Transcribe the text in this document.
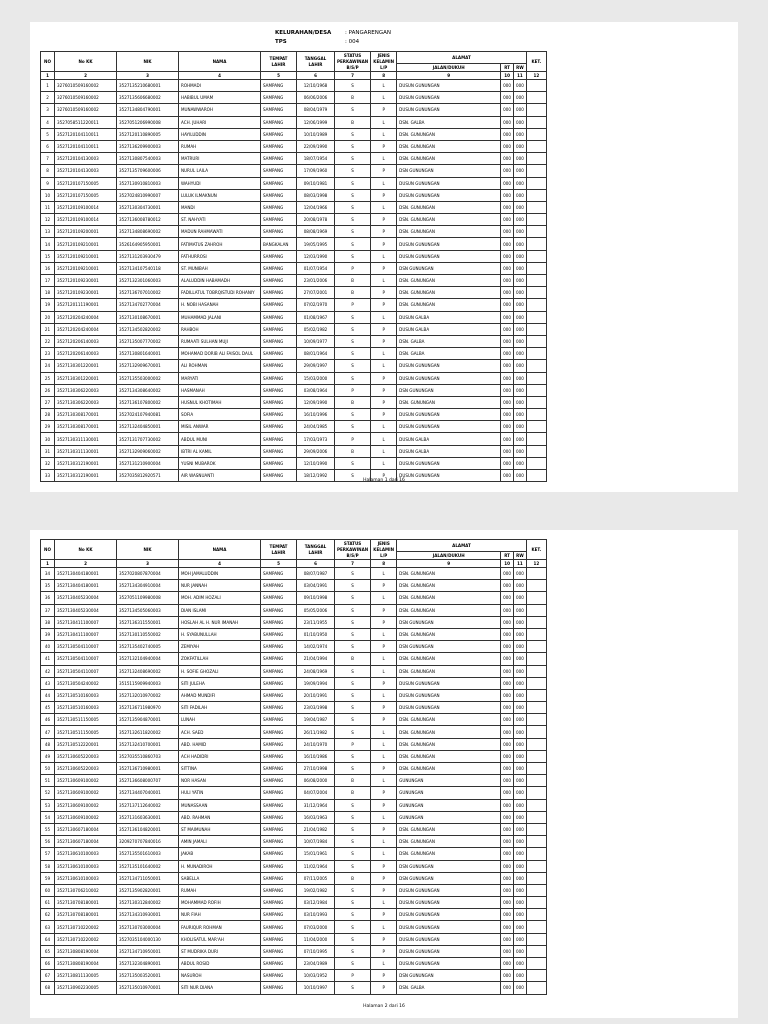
KELURAHAN/DESA	: PANGARENGAN
TPS	: 004
NO	No KK	NIK	NAMA	TEMPAT LAHIR	TANGGAL LAHIR	STATUS PERKAWINAN B/S/P	JENIS KELAMIN L/P	ALAMAT			KET.
								JALAN/DUKUH	RT	RW	
1	2	3	4	5	6	7	8	9	10	11	12
1	3276010509160002	3527135210680001	ROHMADI	SAMPANG	12/10/1968	S	L	DUSUN GUNUNGAN	000	000	
2	3276010509160002	3527135606680002	HABIBUL UMAM	SAMPANG	06/06/2006	B	L	DUSUN GUNUNGAN	000	000	
3	3276010509160002	3527134804790001	MUNAWWAROH	SAMPANG	08/04/1979	S	P	DUSUN GUNUNGAN	000	000	
4	3527058511220011	3527051206990008	ACH. JUHARI	SAMPANG	12/06/1999	B	L	DSN. GALBA	000	000	
5	3527120104110011	3527120110890005	HAYILUDDIN	SAMPANG	10/10/1989	S	L	DSN. GUNUNGAN	000	000	
6	3527120104110011	3527136209900003	RUMAH	SAMPANG	22/09/1990	S	P	DSN. GUNUNGAN	000	000	
7	3527120104130003	3527130807540003	MATRURI	SAMPANG	18/07/1954	S	L	DSN. GUNUNGAN	000	000	
8	3527120104130003	3527135709600006	NURUL LAILA	SAMPANG	17/09/1960	S	P	DSN GUNUNGAN	000	000	
9	3527120107150005	3527130910810003	WAHYUDI	SAMPANG	09/10/1981	S	L	DUSUN GUNUNGAN	000	000	
10	3527120107150005	3527024810990007	LULUK ILMAKNUN	SAMPANG	08/03/1998	S	P	DUSUN GUNUNGAN	000	000	
11	3527120109100014	3527130304730001	MANDI	SAMPANG	12/04/1966	S	L	DSN. GUNUNGAN	000	000	
12	3527120109100014	3527136008780012	ST. NAHYATI	SAMPANG	20/08/1978	S	P	DSN. GUNUNGAN	000	000	
13	3527120109200001	3527134808690002	MADUN RAHMAWATI	SAMPANG	08/08/1969	S	P	DSN. GUNUNGAN	000	000	
14	3527120109210001	3526164905950001	FATIMATUS ZAHROH	BANGKALAN	19/05/1995	S	P	DUSUN GUNUNGAN	000	000	
15	3527120109210001	3527131203930479	FATHURROSI	SAMPANG	12/03/1990	S	L	DUSUN GUNUNGAN	000	000	
16	3527120109210001	3527134107540118	ST. MUNIBAH	SAMPANG	01/07/1954	P	P	DSN GUNUNGAN	000	000	
17	3527120109230001	3527132301060003	ALALUDDIN HABAMADH	SAMPANG	23/01/2006	B	L	DSN. GUNUNGAN	000	000	
18	3527120109230001	3527136707010002	FADILLATUL TOBRQISTUDI ROHANIY	SAMPANG	27/07/2001	B	P	DSN. GUNUNGAN	000	000	
19	3527120111190001	3527134702770004	H. NOBI HASANAH	SAMPANG	07/02/1970	P	P	DSN. GUNUNGAN	000	000	
20	3527120204240004	3527130108670001	MUHAMMAD JALANI	SAMPANG	01/08/1967	S	L	DUSUN GALBA	000	000	
21	3527120204240004	3527134502820002	RAHBOH	SAMPANG	05/02/1982	S	P	DUSUN GALBA	000	000	
22	3527120206140003	3527135007770002	RUMAATI SULHAN MUJI	SAMPANG	10/09/1977	S	P	DSN. GALBA	000	000	
23	3527120206140003	3527130801640001	MOHAMAD DORIB ALI FAISOL DAUL	SAMPANG	08/01/1964	S	L	DSN. GALBA	000	000	
24	3527130301220001	3527132909670001	ALI ROHMAN	SAMPANG	29/09/1997	S	L	DUSUN GUNUNGAN	000	000	
25	3527130301220001	3527135503000002	MARYATI	SAMPANG	15/03/2000	S	P	DUSUN GUNUNGAN	000	000	
26	3527130306220003	3527134308640002	HASMANAH	SAMPANG	03/08/1964	P	P	DSN GUNUNGAN	000	000	
27	3527130306220003	3527136107800002	HUSNUL KHOTIMAH	SAMPANG	12/09/1990	B	P	DSN. GUNUNGAN	000	000	
28	3527130308170001	3527024107940081	SOFIA	SAMPANG	16/10/1996	S	P	DUSUN GUNUNGAN	000	000	
29	3527130308170001	3527132404850001	MISIL ANWAR	SAMPANG	24/04/1985	S	L	DUSUN GUNUNGAN	000	000	
30	3527130311130001	3527131707730002	ABDUL MUNI	SAMPANG	17/03/1973	P	L	DUSUN GALBA	000	000	
31	3527130311130001	3527132909060002	IBTRI AL KAMIL	SAMPANG	29/09/2006	B	L	DUSUN GALBA	000	000	
32	3527130312190001	3527131210900004	YUSNI MUBAROK	SAMPANG	12/10/1990	S	L	DUSUN GUNUNGAN	000	000	
33	3527130312190001	3527035812920571	AIR WASNUANTI	SAMPANG	18/12/1992	S	P	DUSUN GUNUNGAN	000	000	
Halaman 1 dari 16
NO	No KK	NIK	NAMA	TEMPAT LAHIR	TANGGAL LAHIR	STATUS PERKAWINAN B/S/P	JENIS KELAMIN L/P	ALAMAT			KET.
								JALAN/DUKUH	RT	RW	
1	2	3	4	5	6	7	8	9	10	11	12
34	3527130404180001	3527020807870004	MOH JAMALUDDIN	SAMPANG	08/07/1987	S	L	DSN. GUNUNGAN	000	000	
35	3527130404180001	3527134304910004	NUR JANNAH	SAMPANG	03/04/1991	S	P	DSN. GUNUNGAN	000	000	
36	3527130405230004	3527051109980008	MOH. ADIM HOZALI	SAMPANG	09/10/1998	S	L	DSN. GUNUNGAN	000	000	
37	3527130405230004	3527134505060003	DIAN ISLAMI	SAMPANG	05/05/2006	S	P	DSN. GUNUNGAN	000	000	
38	3527130411100007	3527136311550001	HOSLAH AL H. NUR IMANAH	SAMPANG	23/11/1955	S	P	DSN GUNUNGAN	000	000	
39	3527130411100007	3527130110550002	H. SYABUNULLAH	SAMPANG	01/10/1950	S	L	DSN. GUNUNGAN	000	000	
40	3527130504110007	3527135402740005	ZEMIYAH	SAMPANG	14/02/1974	S	P	DSN GUNUNGAN	000	000	
41	3527130504110007	3527132104940004	ZOKFATILLAH	SAMPANG	21/04/1994	B	L	DSN. GUNUNGAN	000	000	
42	3527130504110007	3527132408690002	H. SOFIE GHOZALI	SAMPANG	24/08/1969	S	L	DSN. GUNUNGAN	000	000	
43	3527130504240002	3515115909940003	SITI JULEHA	SAMPANG	19/09/1994	S	P	DUSUN GUNUNGAN	000	000	
44	3527130510160003	3527132010970002	AHMAD MUNDIFI	SAMPANG	20/10/1991	S	L	DUSUN GUNUNGAN	000	000	
45	3527130510160003	3527136711980970	SITI FADILAH	SAMPANG	23/03/1998	S	P	DUSUN GUNUNGAN	000	000	
46	3527130511150005	3527135904870001	LUNAH	SAMPANG	19/04/1987	S	P	DSN. GUNUNGAN	000	000	
47	3527130511150005	3527132611820002	ACH. SAED	SAMPANG	26/11/1982	S	L	DSN. GUNUNGAN	000	000	
48	3527130512220001	3527132410700001	ABD. HAMID	SAMPANG	24/10/1970	P	L	DSN. GUNUNGAN	000	000	
49	3527130605220003	3527035510860703	ACH HADIDRI	SAMPANG	16/10/1986	S	L	DSN. GUNUNGAN	000	000	
50	3527130605220003	3527136710980001	SITTINA	SAMPANG	27/10/1998	S	P	DSN. GUNUNGAN	000	000	
51	3527130609100002	3527136608000707	NOR HASAN	SAMPANG	06/08/2000	B	L	GUNUNGAN	000	000	
52	3527130609100002	3527134407040001	HULI YATIN	SAMPANG	04/07/2004	B	P	GUNUNGAN	000	000	
53	3527130609100002	3527137112640002	MUNASSAAN	SAMPANG	31/12/1964	S	P	GUNUNGAN	000	000	
54	3527130609100002	3527131603630001	ABD. RAHMAN	SAMPANG	16/03/1963	S	L	GUNUNGAN	000	000	
55	3527130607180004	3527136104820001	ST MAIMUNAH	SAMPANG	21/04/1982	S	P	DSN. GUNUNGAN	000	000	
56	3527130607180004	3209270707840016	AMIN JAMALI	SAMPANG	10/07/1984	S	L	DSN. GUNUNGAN	000	000	
57	3527130610100003	3527135501610003	JAKAB	SAMPANG	15/01/1961	S	L	DSN. GUNUNGAN	000	000	
58	3527130610100003	3527135101640002	H. MUNADIROH	SAMPANG	11/02/1964	S	P	DSN GUNUNGAN	000	000	
59	3527130610100003	3527134711050001	SABELLA	SAMPANG	07/11/2005	B	P	DSN GUNUNGAN	000	000	
60	3527130706210002	3527135902820001	RUMAH	SAMPANG	19/02/1982	S	P	DUSUN GUNUNGAN	000	000	
61	3527130708180001	3527130312840002	MOHAMMAD ROFIH	SAMPANG	03/12/1984	S	L	DUSUN GUNUNGAN	000	000	
62	3527130708180001	3527134310930001	NUR FIAH	SAMPANG	03/10/1993	S	P	DUSUN GUNUNGAN	000	000	
63	3527130710220002	3527130703000004	FAURIQUR ROHMAN	SAMPANG	07/03/2000	S	L	DUSUN GUNUNGAN	000	000	
64	3527130710220002	3527035104000130	KHOLISATUL MAR'AH	SAMPANG	11/04/2000	S	P	DUSUN GUNUNGAN	000	000	
65	3527130808190004	3527134710950001	ST MUDRIKA DURI	SAMPANG	07/10/1995	S	P	DUSUN GUNUNGAN	000	000	
66	3527130808190004	3527132304890001	ABDUL ROSID	SAMPANG	23/04/1989	S	L	DUSUN GUNUNGAN	000	000	
67	3527130811130005	3527135003520001	NASUROH	SAMPANG	10/03/1952	P	P	DSN GUNUNGAN	000	000	
68	3527130902230005	3527135010970001	SITI NUR DIANA	SAMPANG	10/10/1997	S	P	DSN. GALBA	000	000	
Halaman 2 dari 16
